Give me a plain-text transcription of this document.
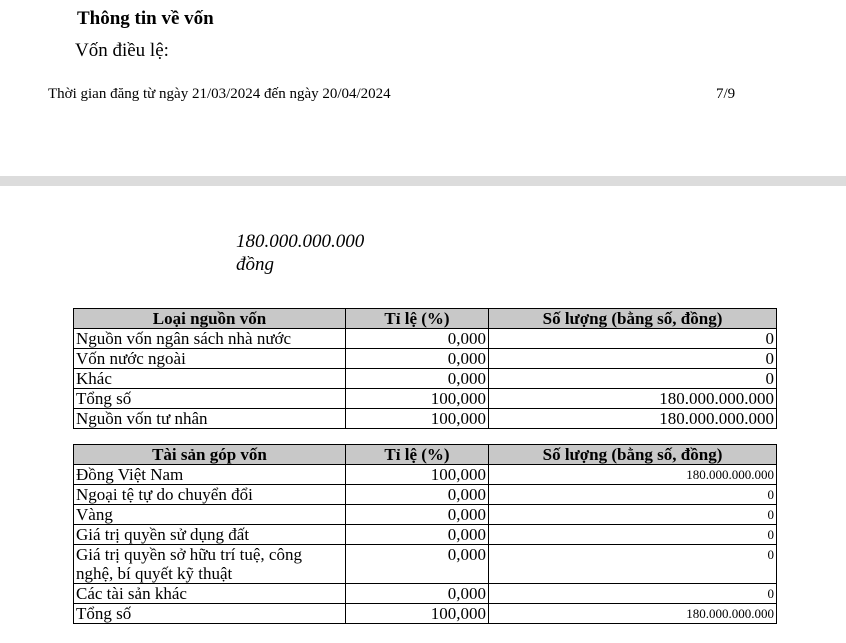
Thông tin về vốn
Vốn điều lệ:
Thời gian đăng từ ngày 21/03/2024 đến ngày 20/04/2024	7/9
180.000.000.000
đồng
Loại nguồn vốn	Tỉ lệ (%)	Số lượng (bằng số, đồng)
Nguồn vốn ngân sách nhà nước	0,000	0
Vốn nước ngoài	0,000	0
Khác	0,000	0
Tổng số	100,000	180.000.000.000
Nguồn vốn tư nhân	100,000	180.000.000.000
Tài sản góp vốn	Tỉ lệ (%)	Số lượng (bằng số, đồng)
Đồng Việt Nam	100,000	180.000.000.000
Ngoại tệ tự do chuyển đổi	0,000	0
Vàng	0,000	0
Giá trị quyền sử dụng đất	0,000	0
Giá trị quyền sở hữu trí tuệ, công nghệ, bí quyết kỹ thuật	0,000	0
Các tài sản khác	0,000	0
Tổng số	100,000	180.000.000.000
